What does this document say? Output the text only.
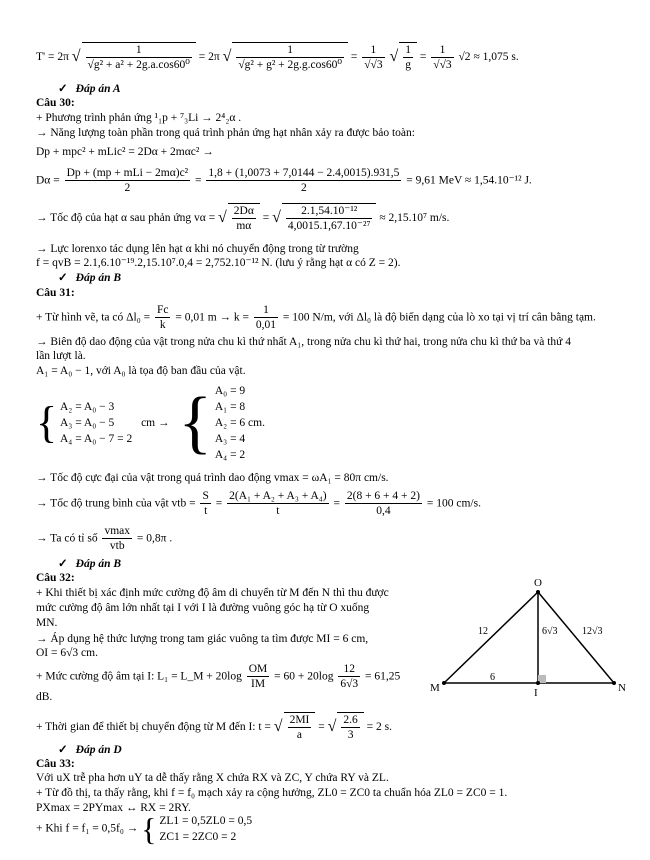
T' = 2π √ $\frac{1}{\text{√g² + a² + 2g.a.cos60⁰}} = 2\pi$ √ $\frac{1}{\text{√g² + g² + 2g.g.cos60⁰}} = \frac{1}{√√3}$ √ $\frac{1}{g} = \frac{1}{√√3} √2 \approx 1,075$ s.
✓ Đáp án A
Câu 30:
+ Phương trình phản ứng ¹₁p + ⁷₃Li → 2⁴₂α .
→ Năng lượng toàn phần trong quá trình phản ứng hạt nhân xảy ra được bảo toàn:
Dp + mpc² + mLic² = 2Dα + 2mαc² →
$D\alpha = \frac{\text{Dp + (mp + mLi − 2mα)c²}}{2} = \frac{1,8 + (1,0073 + 7,0144 - 2.4,0015).931,5}{2} = 9,61$ MeV ≈ 1,54.10⁻¹² J.
→ Tốc độ của hạt α sau phản ứng vα = √ $\frac{2D\alpha}{m\alpha}$ = √ $\frac{\text{2.1,54.10⁻¹²}}{\text{4,0015.1,67.10⁻²⁷}} \approx 2,15.10^7$ m/s.
→ Lực lorenxo tác dụng lên hạt α khi nó chuyển động trong từ trường
f = qvB = 2.1,6.10⁻¹⁹.2,15.10⁷.0,4 = 2,752.10⁻¹² N. (lưu ý rằng hạt α có Z = 2).
✓ Đáp án B
Câu 31:
+ Từ hình vẽ, ta có $\Delta l_0 = \frac{Fc}{k} = 0,01$ $m \to k = \frac{1}{0,01} = 100$ N/m, với Δl₀ là độ biến dạng của lò xo tại vị trí cân bằng tạm.
→ Biên độ dao động của vật trong nửa chu kì thứ nhất A₁, trong nửa chu kì thứ hai, trong nửa chu kì thứ ba và thứ 4
lần lượt là.
A₁ = A₀ − 1, với A₀ là tọa độ ban đầu của vật.
{ A₂ = A₀ − 3
A₃ = A₀ − 5
A₄ = A₀ − 7 = 2
cm → { A₀ = 9
A₁ = 8
A₂ = 6 cm.
A₃ = 4
A₄ = 2
→ Tốc độ cực đại của vật trong quá trình dao động vmax = ωA₁ = 80π cm/s.
→ Tốc độ trung bình của vật vtb = $\frac{S}{t} = \frac{\text{2(A₁ + A₂ + A₃ + A₄)}}{t} = \frac{2(8 + 6 + 4 + 2)}{0,4} = 100$ cm/s.
→ Ta có tỉ số $\frac{vmax}{\text{vtb}} = 0,8\pi$ .
✓ Đáp án B
Câu 32:
+ Khi thiết bị xác định mức cường độ âm di chuyển từ M đến N thì thu được
mức cường độ âm lớn nhất tại I với I là đường vuông góc hạ từ O xuống
MN.
→ Áp dụng hệ thức lượng trong tam giác vuông ta tìm được MI = 6 cm,
OI = 6√3 cm.
+ Mức cường độ âm tại I: L₁ = L_M + $20\log \frac{OM}{IM} = 60 + 20\log \frac{12}{6√3} = 61,25$
dB.
+ Thời gian để thiết bị chuyển động từ M đến I: t = √ $\frac{2MI}{a}$ = √ $\frac{2.6}{3} = 2$ s.
✓ Đáp án D
Câu 33:
Với uX trễ pha hơn uY ta dễ thấy rằng X chứa RX và ZC, Y chứa RY và ZL.
+ Từ đồ thị, ta thấy rằng, khi f = f₀ mạch xảy ra cộng hưởng, ZL0 = ZC0 ta chuẩn hóa ZL0 = ZC0 = 1.
PXmax = 2PYmax ↔ RX = 2RY.
+ Khi f = f₁ = 0,5f₀ → { ZL1 = 0,5ZL0 = 0,5
ZC1 = 2ZC0 = 2
O
M	I	N
12	6√3 12√3
6
